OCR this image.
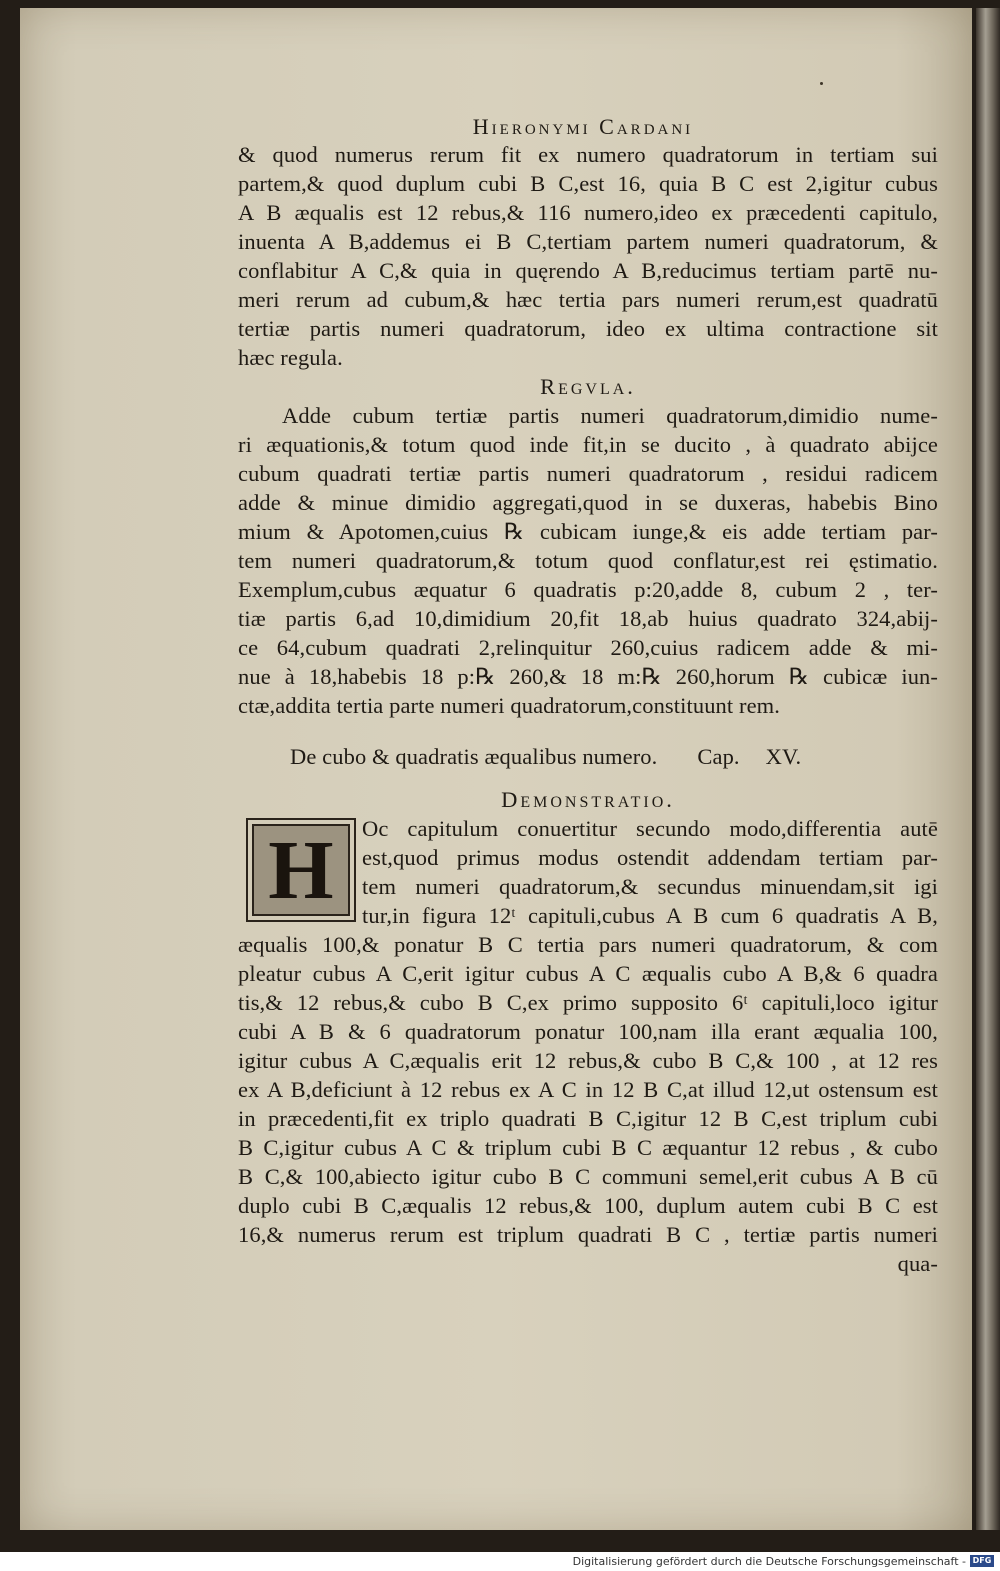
Hieronymi Cardani
& quod numerus rerum fit ex numero quadratorum in tertiam sui
partem,& quod duplum cubi B C,est 16, quia B C est 2,igitur cubus
A B æqualis est 12 rebus,& 116 numero,ideo ex præcedenti capitulo,
inuenta A B,addemus ei B C,tertiam partem numeri quadratorum, &
conflabitur A C,& quia in quęrendo A B,reducimus tertiam partē nu-
meri rerum ad cubum,& hæc tertia pars numeri rerum,est quadratū
tertiæ partis numeri quadratorum, ideo ex ultima contractione sit
hæc regula.
Regvla.
Adde cubum tertiæ partis numeri quadratorum,dimidio nume-
ri æquationis,& totum quod inde fit,in se ducito , à quadrato abijce
cubum quadrati tertiæ partis numeri quadratorum , residui radicem
adde & minue dimidio aggregati,quod in se duxeras, habebis Bino
mium & Apotomen,cuius ℞ cubicam iunge,& eis adde tertiam par-
tem numeri quadratorum,& totum quod conflatur,est rei ęstimatio.
Exemplum,cubus æquatur 6 quadratis p:20,adde 8, cubum 2 , ter-
tiæ partis 6,ad 10,dimidium 20,fit 18,ab huius quadrato 324,abij-
ce 64,cubum quadrati 2,relinquitur 260,cuius radicem adde & mi-
nue à 18,habebis 18 p:℞ 260,& 18 m:℞ 260,horum ℞ cubicæ iun-
ctæ,addita tertia parte numeri quadratorum,constituunt rem.
De cubo & quadratis æqualibus numero. Cap. XV.
Demonstratio.
H	Oc capitulum conuertitur secundo modo,differentia autē
est,quod primus modus ostendit addendam tertiam par-
tem numeri quadratorum,& secundus minuendam,sit igi
tur,in figura 12ᵗ capituli,cubus A B cum 6 quadratis A B,
æqualis 100,& ponatur B C tertia pars numeri quadratorum, & com
pleatur cubus A C,erit igitur cubus A C æqualis cubo A B,& 6 quadra
tis,& 12 rebus,& cubo B C,ex primo supposito 6ᵗ capituli,loco igitur
cubi A B & 6 quadratorum ponatur 100,nam illa erant æqualia 100,
igitur cubus A C,æqualis erit 12 rebus,& cubo B C,& 100 , at 12 res
ex A B,deficiunt à 12 rebus ex A C in 12 B C,at illud 12,ut ostensum est
in præcedenti,fit ex triplo quadrati B C,igitur 12 B C,est triplum cubi
B C,igitur cubus A C & triplum cubi B C æquantur 12 rebus , & cubo
B C,& 100,abiecto igitur cubo B C communi semel,erit cubus A B cū
duplo cubi B C,æqualis 12 rebus,& 100, duplum autem cubi B C est
16,& numerus rerum est triplum quadrati B C , tertiæ partis numeri
qua-
Digitalisierung gefördert durch die Deutsche Forschungsgemeinschaft - DFG
